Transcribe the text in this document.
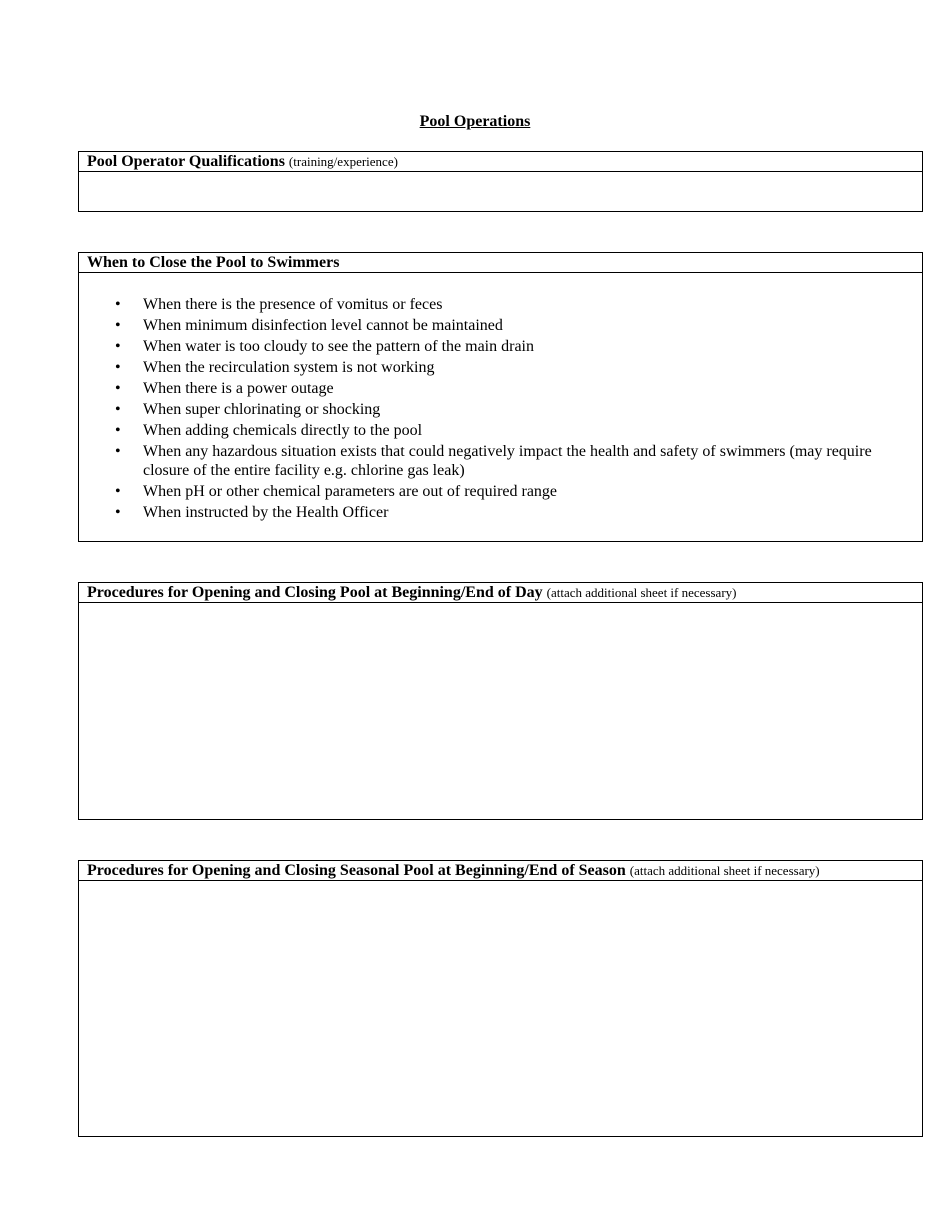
Pool Operations
Pool Operator Qualifications (training/experience)
When to Close the Pool to Swimmers
• When there is the presence of vomitus or feces
• When minimum disinfection level cannot be maintained
• When water is too cloudy to see the pattern of the main drain
• When the recirculation system is not working
• When there is a power outage
• When super chlorinating or shocking
• When adding chemicals directly to the pool
• When any hazardous situation exists that could negatively impact the health and safety of swimmers (may require closure of the entire facility e.g. chlorine gas leak)
• When pH or other chemical parameters are out of required range
• When instructed by the Health Officer
Procedures for Opening and Closing Pool at Beginning/End of Day (attach additional sheet if necessary)
Procedures for Opening and Closing Seasonal Pool at Beginning/End of Season (attach additional sheet if necessary)
